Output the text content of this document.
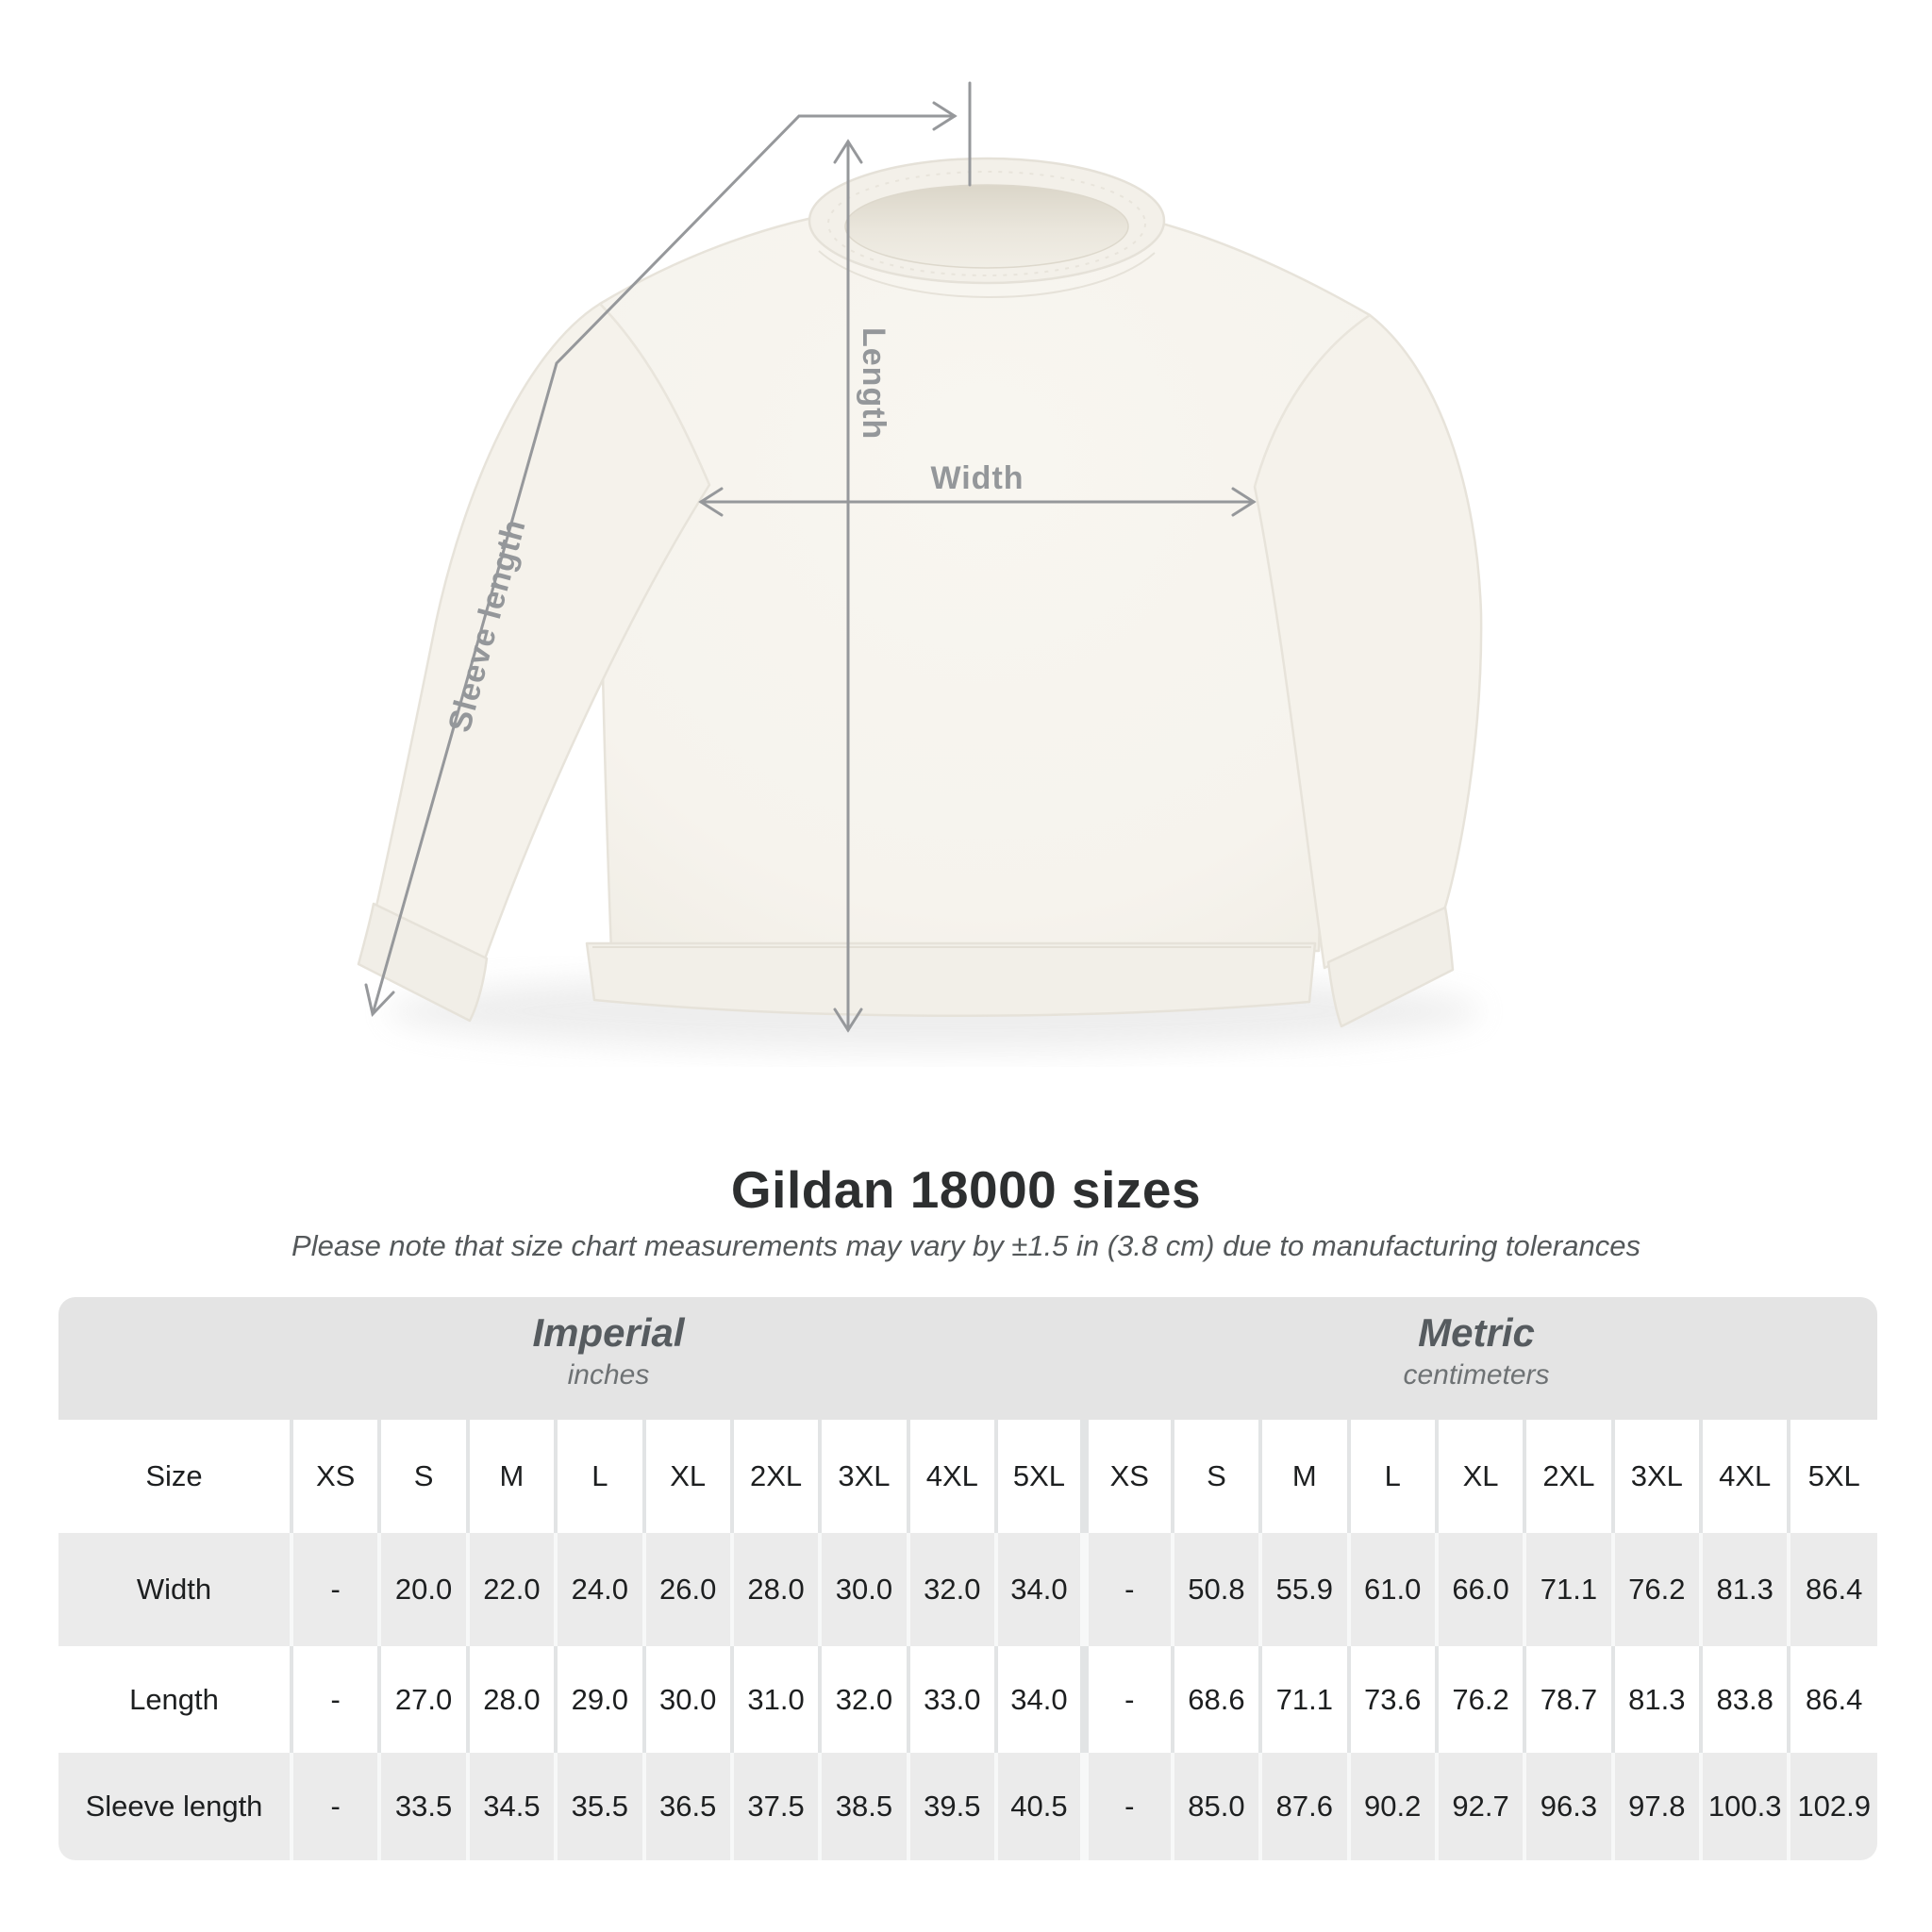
Length
Width
Sleeve length
Gildan 18000 sizes

Please note that size chart measurements may vary by ±1.5 in (3.8 cm) due to manufacturing tolerances

Imperial
inches
Metric
centimeters
Size	XS	S	M	L	XL	2XL	3XL	4XL	5XL	XS	S	M	L	XL	2XL	3XL	4XL	5XL
Width	-	20.0	22.0	24.0	26.0	28.0	30.0	32.0	34.0	-	50.8	55.9	61.0	66.0	71.1	76.2	81.3	86.4
Length	-	27.0	28.0	29.0	30.0	31.0	32.0	33.0	34.0	-	68.6	71.1	73.6	76.2	78.7	81.3	83.8	86.4
Sleeve length	-	33.5	34.5	35.5	36.5	37.5	38.5	39.5	40.5	-	85.0	87.6	90.2	92.7	96.3	97.8	100.3	102.9
